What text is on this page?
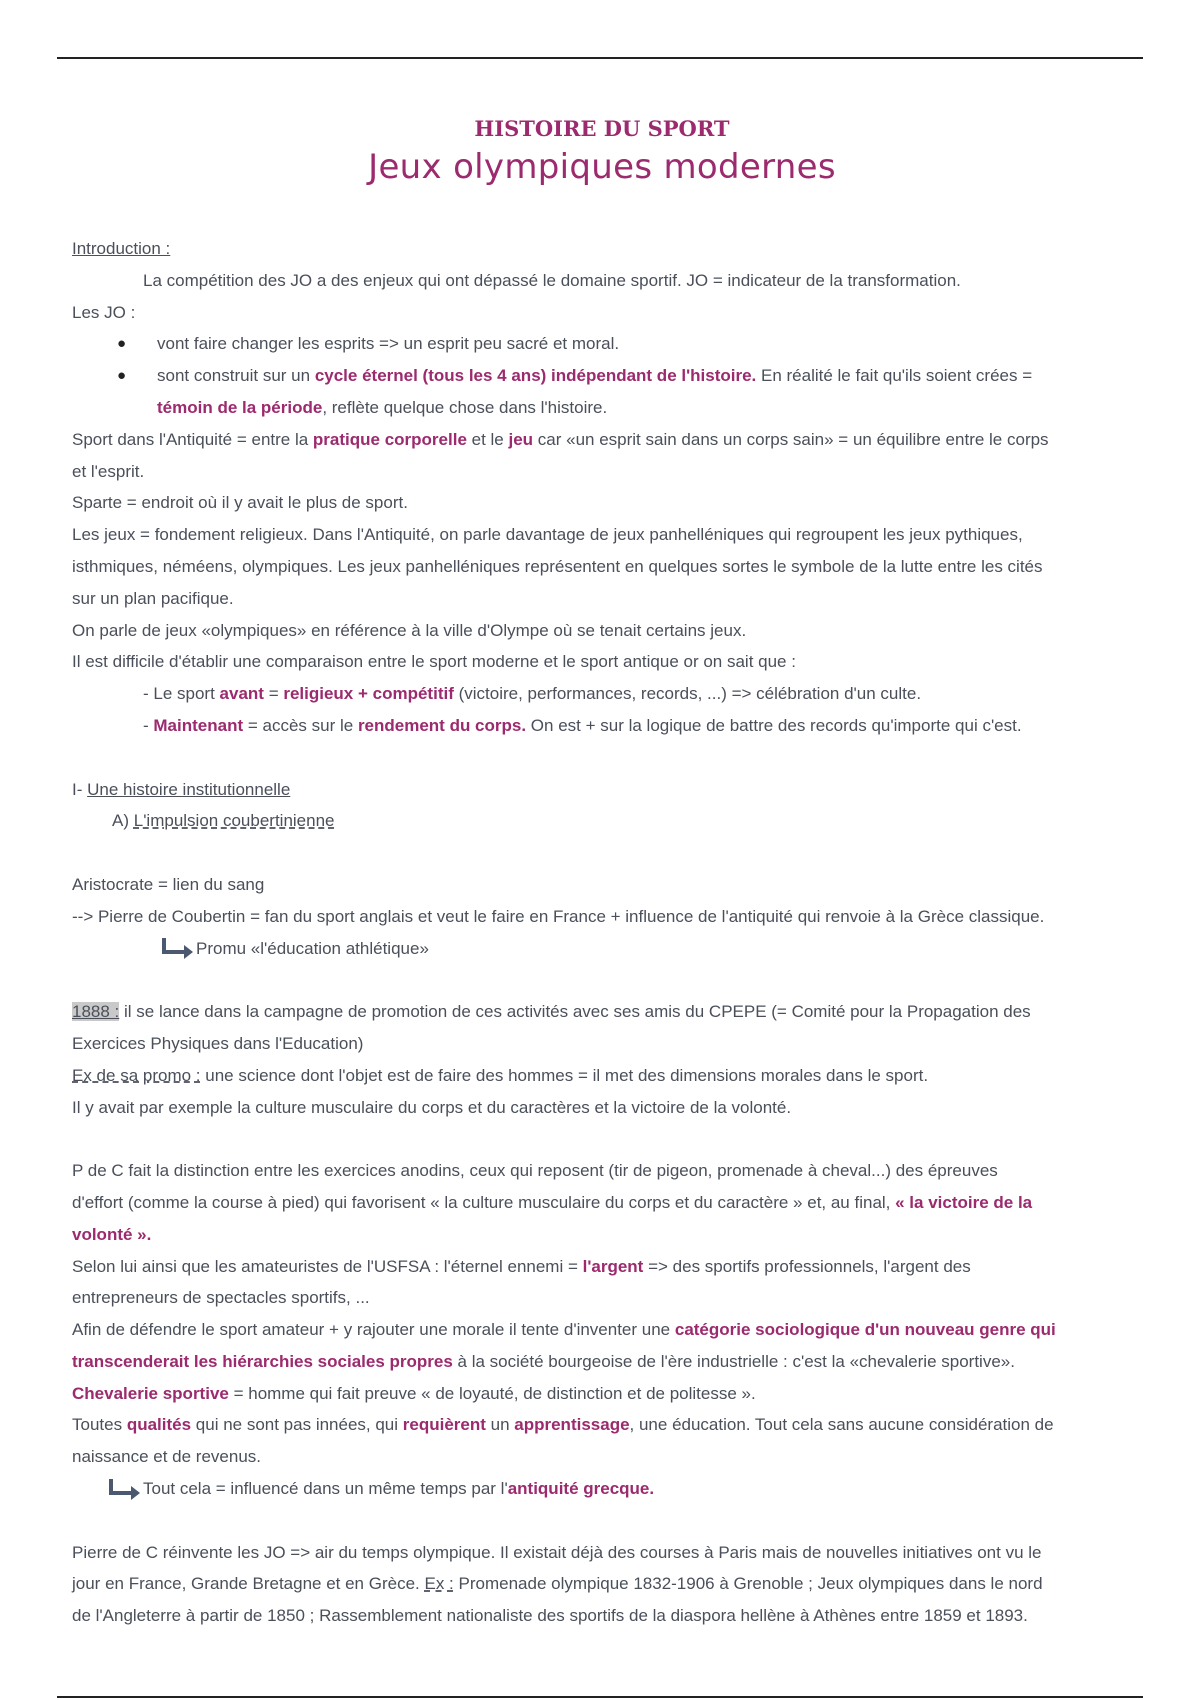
HISTOIRE DU SPORT
Jeux olympiques modernes
Introduction :
La compétition des JO a des enjeux qui ont dépassé le domaine sportif. JO = indicateur de la transformation.
Les JO :
● vont faire changer les esprits => un esprit peu sacré et moral.
● sont construit sur un cycle éternel (tous les 4 ans) indépendant de l'histoire. En réalité le fait qu'ils soient crées =
témoin de la période, reflète quelque chose dans l'histoire.
Sport dans l'Antiquité = entre la pratique corporelle et le jeu car «un esprit sain dans un corps sain» = un équilibre entre le corps
et l'esprit.
Sparte = endroit où il y avait le plus de sport.
Les jeux = fondement religieux. Dans l'Antiquité, on parle davantage de jeux panhelléniques qui regroupent les jeux pythiques,
isthmiques, néméens, olympiques. Les jeux panhelléniques représentent en quelques sortes le symbole de la lutte entre les cités
sur un plan pacifique.
On parle de jeux «olympiques» en référence à la ville d'Olympe où se tenait certains jeux.
Il est difficile d'établir une comparaison entre le sport moderne et le sport antique or on sait que :
- Le sport avant = religieux + compétitif (victoire, performances, records, ...) => célébration d'un culte.
- Maintenant = accès sur le rendement du corps. On est + sur la logique de battre des records qu'importe qui c'est.
I- Une histoire institutionnelle
A) L'impulsion coubertinienne
Aristocrate = lien du sang
--> Pierre de Coubertin = fan du sport anglais et veut le faire en France + influence de l'antiquité qui renvoie à la Grèce classique.
Promu «l'éducation athlétique»
1888 : il se lance dans la campagne de promotion de ces activités avec ses amis du CPEPE (= Comité pour la Propagation des
Exercices Physiques dans l'Education)
Ex de sa promo : une science dont l'objet est de faire des hommes = il met des dimensions morales dans le sport.
Il y avait par exemple la culture musculaire du corps et du caractères et la victoire de la volonté.
P de C fait la distinction entre les exercices anodins, ceux qui reposent (tir de pigeon, promenade à cheval...) des épreuves
d'effort (comme la course à pied) qui favorisent « la culture musculaire du corps et du caractère » et, au final, « la victoire de la
volonté ».
Selon lui ainsi que les amateuristes de l'USFSA : l'éternel ennemi = l'argent => des sportifs professionnels, l'argent des
entrepreneurs de spectacles sportifs, ...
Afin de défendre le sport amateur + y rajouter une morale il tente d'inventer une catégorie sociologique d'un nouveau genre qui
transcenderait les hiérarchies sociales propres à la société bourgeoise de l'ère industrielle : c'est la «chevalerie sportive».
Chevalerie sportive = homme qui fait preuve « de loyauté, de distinction et de politesse ».
Toutes qualités qui ne sont pas innées, qui requièrent un apprentissage, une éducation. Tout cela sans aucune considération de
naissance et de revenus.
Tout cela = influencé dans un même temps par l'antiquité grecque.
Pierre de C réinvente les JO => air du temps olympique. Il existait déjà des courses à Paris mais de nouvelles initiatives ont vu le
jour en France, Grande Bretagne et en Grèce. Ex : Promenade olympique 1832-1906 à Grenoble ; Jeux olympiques dans le nord
de l'Angleterre à partir de 1850 ; Rassemblement nationaliste des sportifs de la diaspora hellène à Athènes entre 1859 et 1893.
